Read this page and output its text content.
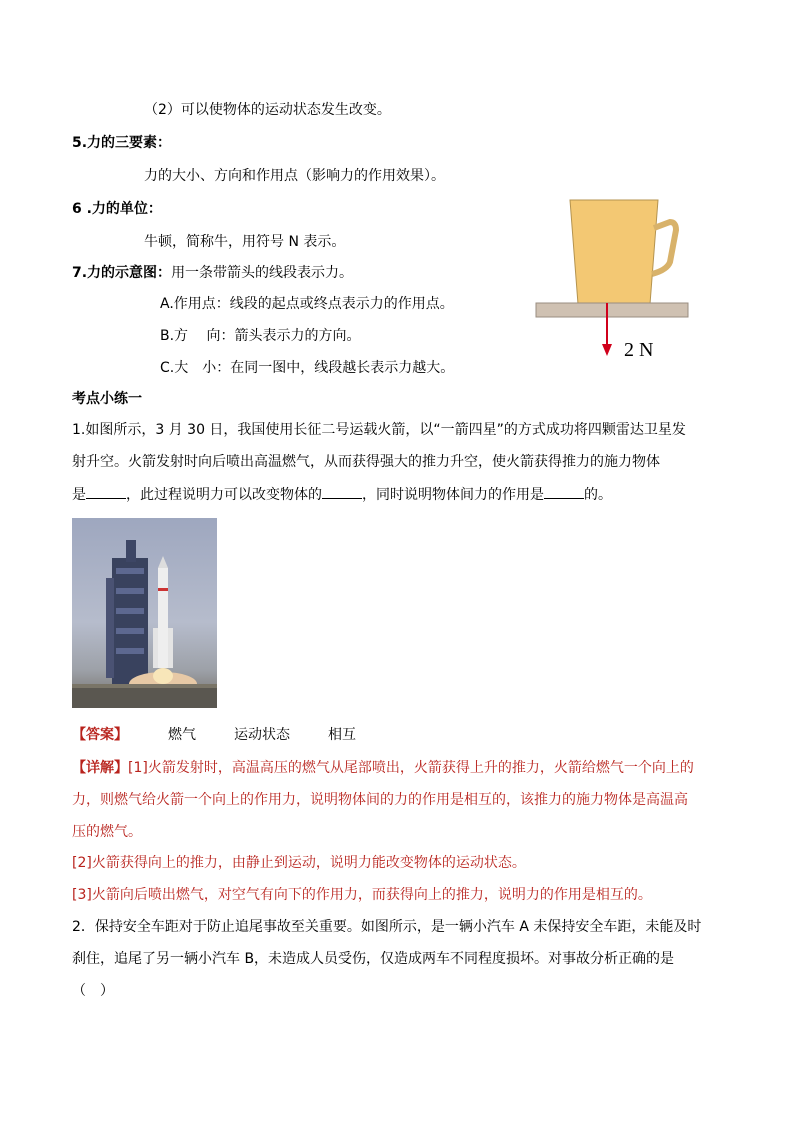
（2）可以使物体的运动状态发生改变。
5.力的三要素：
力的大小、方向和作用点（影响力的作用效果）。
6 .力的单位：
牛顿，简称牛，用符号 N 表示。
7.力的示意图：用一条带箭头的线段表示力。
A.作用点：线段的起点或终点表示力的作用点。
B.方　 向：箭头表示力的方向。
C.大　小：在同一图中，线段越长表示力越大。
2 N
考点小练一
1.如图所示，3 月 30 日，我国使用长征二号运载火箭，以“一箭四星”的方式成功将四颗雷达卫星发
射升空。火箭发射时向后喷出高温燃气，从而获得强大的推力升空，使火箭获得推力的施力物体
是	，此过程说明力可以改变物体的	，同时说明物体间力的作用是	的。
【答案】	燃气	运动状态	相互
【详解】[1]火箭发射时，高温高压的燃气从尾部喷出，火箭获得上升的推力，火箭给燃气一个向上的
力，则燃气给火箭一个向上的作用力，说明物体间的力的作用是相互的，该推力的施力物体是高温高
压的燃气。
[2]火箭获得向上的推力，由静止到运动，说明力能改变物体的运动状态。
[3]火箭向后喷出燃气，对空气有向下的作用力，而获得向上的推力，说明力的作用是相互的。
2．保持安全车距对于防止追尾事故至关重要。如图所示，是一辆小汽车 A 未保持安全车距，未能及时
刹住，追尾了另一辆小汽车 B，未造成人员受伤，仅造成两车不同程度损坏。对事故分析正确的是
（　）
